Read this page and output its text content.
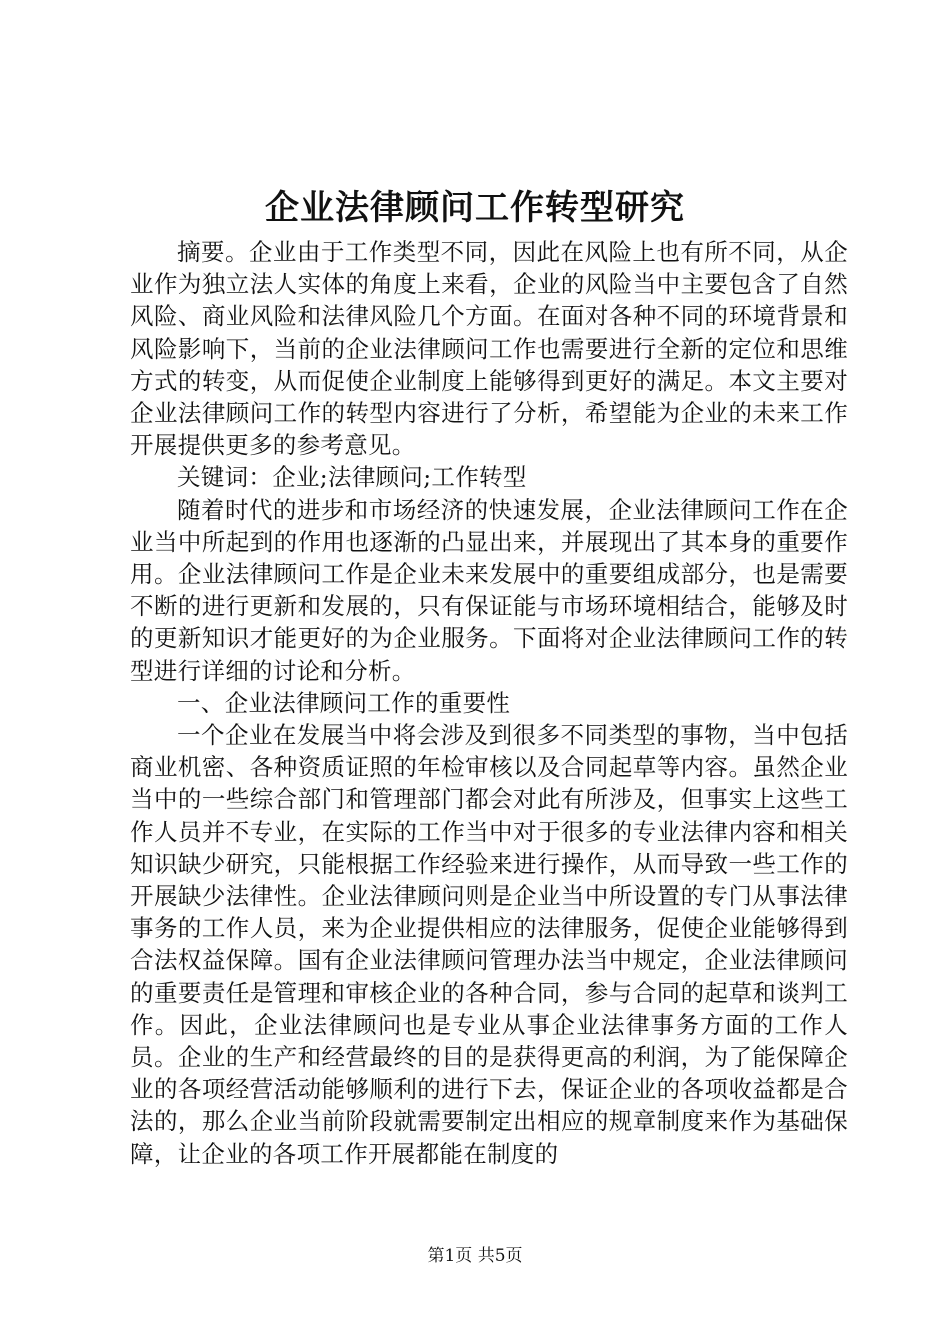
企业法律顾问工作转型研究

摘要。企业由于工作类型不同，因此在风险上也有所不同，从企业作为独立法人实体的角度上来看，企业的风险当中主要包含了自然风险、商业风险和法律风险几个方面。在面对各种不同的环境背景和风险影响下，当前的企业法律顾问工作也需要进行全新的定位和思维方式的转变，从而促使企业制度上能够得到更好的满足。本文主要对企业法律顾问工作的转型内容进行了分析，希望能为企业的未来工作开展提供更多的参考意见。

关键词：企业;法律顾问;工作转型

随着时代的进步和市场经济的快速发展，企业法律顾问工作在企业当中所起到的作用也逐渐的凸显出来，并展现出了其本身的重要作用。企业法律顾问工作是企业未来发展中的重要组成部分，也是需要不断的进行更新和发展的，只有保证能与市场环境相结合，能够及时的更新知识才能更好的为企业服务。下面将对企业法律顾问工作的转型进行详细的讨论和分析。

一、企业法律顾问工作的重要性

一个企业在发展当中将会涉及到很多不同类型的事物，当中包括商业机密、各种资质证照的年检审核以及合同起草等内容。虽然企业当中的一些综合部门和管理部门都会对此有所涉及，但事实上这些工作人员并不专业，在实际的工作当中对于很多的专业法律内容和相关知识缺少研究，只能根据工作经验来进行操作，从而导致一些工作的开展缺少法律性。企业法律顾问则是企业当中所设置的专门从事法律事务的工作人员，来为企业提供相应的法律服务，促使企业能够得到合法权益保障。国有企业法律顾问管理办法当中规定，企业法律顾问的重要责任是管理和审核企业的各种合同，参与合同的起草和谈判工作。因此，企业法律顾问也是专业从事企业法律事务方面的工作人员。企业的生产和经营最终的目的是获得更高的利润，为了能保障企业的各项经营活动能够顺利的进行下去，保证企业的各项收益都是合法的，那么企业当前阶段就需要制定出相应的规章制度来作为基础保障，让企业的各项工作开展都能在制度的

第1页 共5页
